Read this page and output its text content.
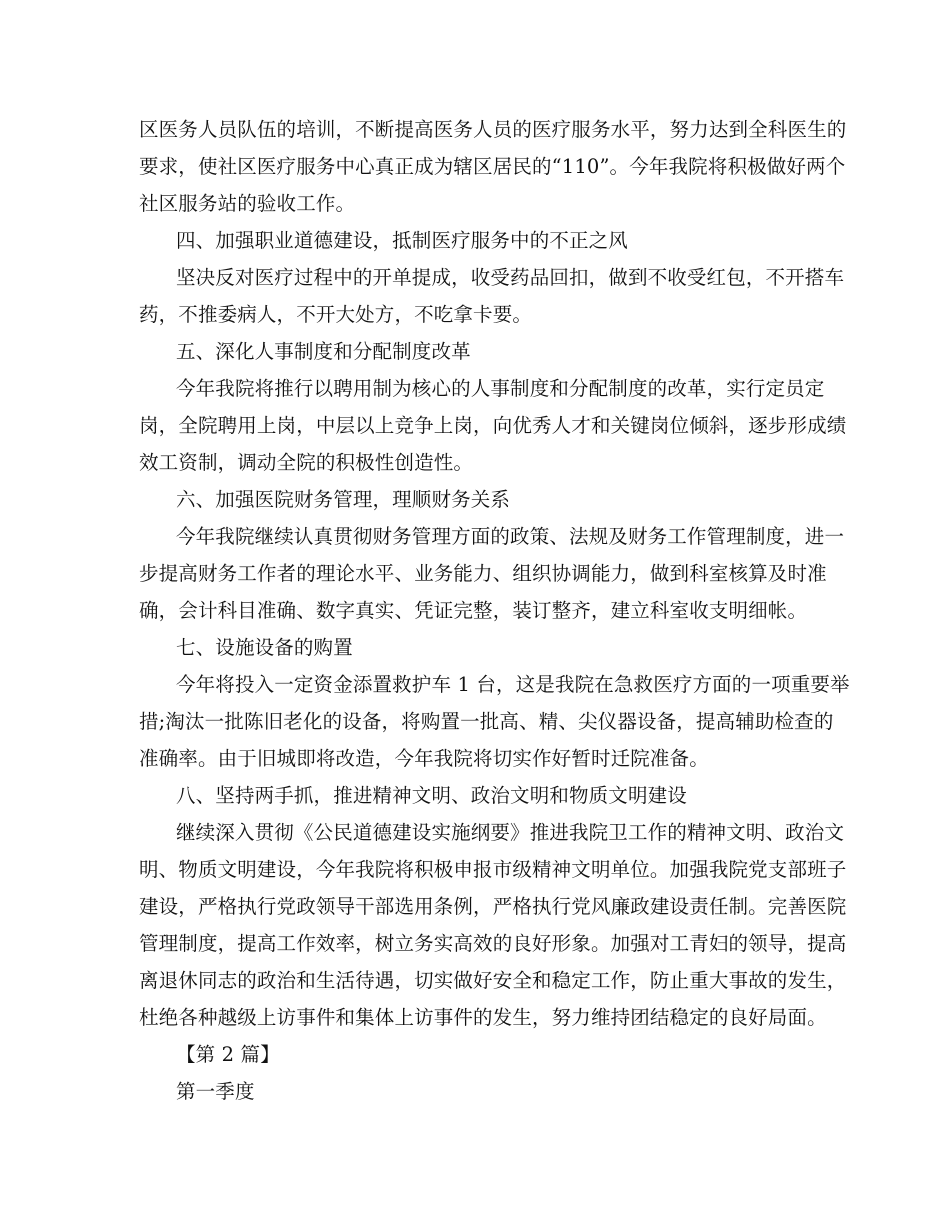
区医务人员队伍的培训，不断提高医务人员的医疗服务水平，努力达到全科医生的
要求，使社区医疗服务中心真正成为辖区居民的“110”。今年我院将积极做好两个
社区服务站的验收工作。
四、加强职业道德建设，抵制医疗服务中的不正之风
坚决反对医疗过程中的开单提成，收受药品回扣，做到不收受红包，不开搭车
药，不推委病人，不开大处方，不吃拿卡要。
五、深化人事制度和分配制度改革
今年我院将推行以聘用制为核心的人事制度和分配制度的改革，实行定员定
岗，全院聘用上岗，中层以上竞争上岗，向优秀人才和关键岗位倾斜，逐步形成绩
效工资制，调动全院的积极性创造性。
六、加强医院财务管理，理顺财务关系
今年我院继续认真贯彻财务管理方面的政策、法规及财务工作管理制度，进一
步提高财务工作者的理论水平、业务能力、组织协调能力，做到科室核算及时准
确，会计科目准确、数字真实、凭证完整，装订整齐，建立科室收支明细帐。
七、设施设备的购置
今年将投入一定资金添置救护车 1 台，这是我院在急救医疗方面的一项重要举
措;淘汰一批陈旧老化的设备，将购置一批高、精、尖仪器设备，提高辅助检查的
准确率。由于旧城即将改造，今年我院将切实作好暂时迁院准备。
八、坚持两手抓，推进精神文明、政治文明和物质文明建设
继续深入贯彻《公民道德建设实施纲要》推进我院卫工作的精神文明、政治文
明、物质文明建设，今年我院将积极申报市级精神文明单位。加强我院党支部班子
建设，严格执行党政领导干部选用条例，严格执行党风廉政建设责任制。完善医院
管理制度，提高工作效率，树立务实高效的良好形象。加强对工青妇的领导，提高
离退休同志的政治和生活待遇，切实做好安全和稳定工作，防止重大事故的发生，
杜绝各种越级上访事件和集体上访事件的发生，努力维持团结稳定的良好局面。
【第 2 篇】
第一季度
